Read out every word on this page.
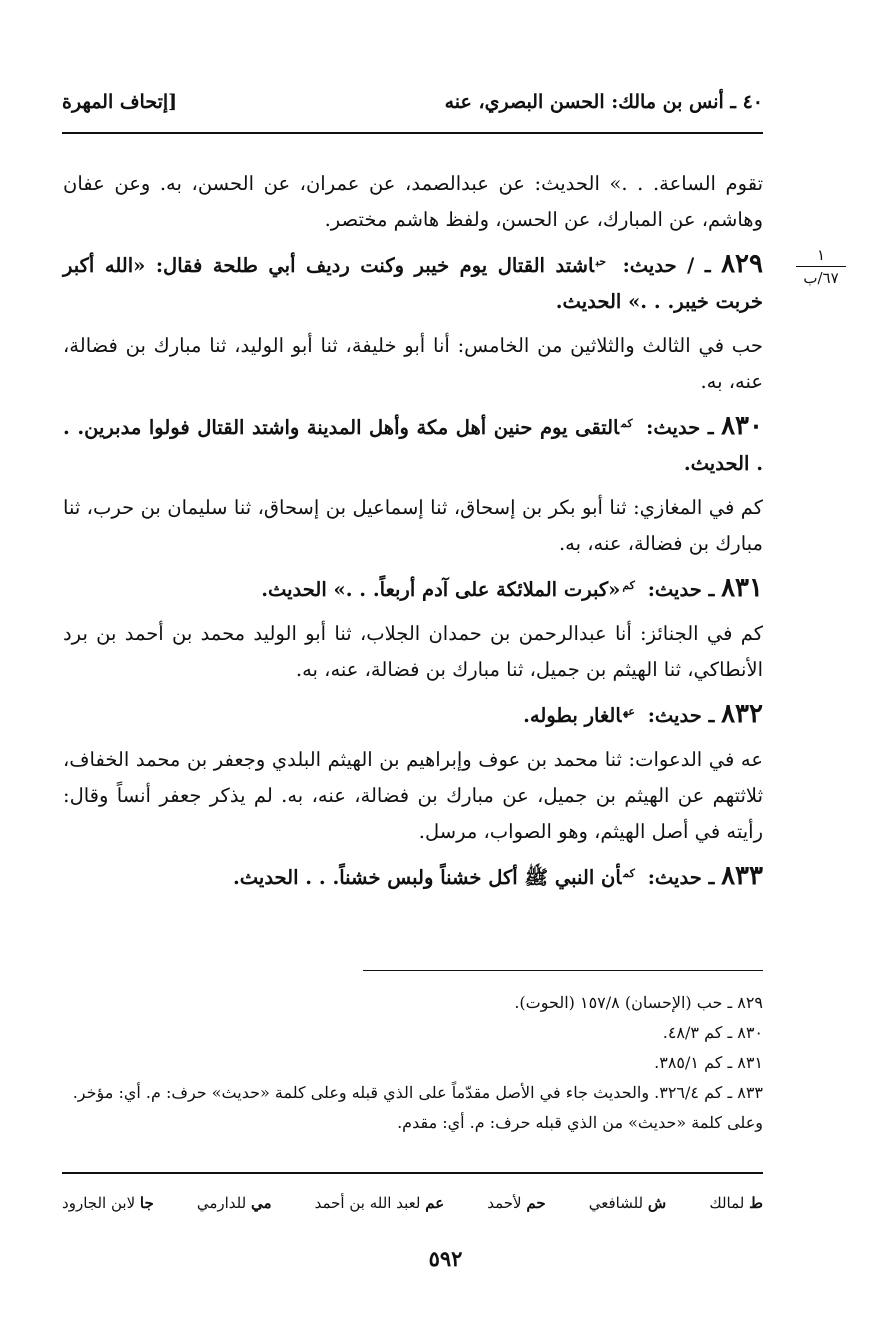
٤٠ ـ أنس بن مالك: الحسن البصري، عنه
[إتحاف المهرة
١
٦٧/ب
تقوم الساعة. . .» الحديث: عن عبدالصمد، عن عمران، عن الحسن، به. وعن عفان وهاشم، عن المبارك، عن الحسن، ولفظ هاشم مختصر.
٨٢٩ ـ / حديث: $^{حب}$اشتد القتال يوم خيبر وكنت رديف أبي طلحة فقال: «الله أكبر خربت خيبر. . .» الحديث.
حب في الثالث والثلاثين من الخامس: أنا أبو خليفة، ثنا أبو الوليد، ثنا مبارك بن فضالة، عنه، به.
٨٣٠ ـ حديث: $^{كم}$التقى يوم حنين أهل مكة وأهل المدينة واشتد القتال فولوا مدبرين. . . الحديث.
كم في المغازي: ثنا أبو بكر بن إسحاق، ثنا إسماعيل بن إسحاق، ثنا سليمان بن حرب، ثنا مبارك بن فضالة، عنه، به.
٨٣١ ـ حديث: $^{كم}$«كبرت الملائكة على آدم أربعاً. . .» الحديث.
كم في الجنائز: أنا عبدالرحمن بن حمدان الجلاب، ثنا أبو الوليد محمد بن أحمد بن برد الأنطاكي، ثنا الهيثم بن جميل، ثنا مبارك بن فضالة، عنه، به.
٨٣٢ ـ حديث: $^{عه}$الغار بطوله.
عه في الدعوات: ثنا محمد بن عوف وإبراهيم بن الهيثم البلدي وجعفر بن محمد الخفاف، ثلاثتهم عن الهيثم بن جميل، عن مبارك بن فضالة، عنه، به. لم يذكر جعفر أنساً وقال: رأيته في أصل الهيثم، وهو الصواب، مرسل.
٨٣٣ ـ حديث: $^{كم}$أن النبي ﷺ أكل خشناً ولبس خشناً. . . الحديث.
٨٢٩ ـ حب (الإحسان) ١٥٧/٨ (الحوت).
٨٣٠ ـ كم ٤٨/٣.
٨٣١ ـ كم ٣٨٥/١.
٨٣٣ ـ كم ٣٢٦/٤. والحديث جاء في الأصل مقدّماً على الذي قبله وعلى كلمة «حديث» حرف: م. أي: مؤخر. وعلى كلمة «حديث» من الذي قبله حرف: م. أي: مقدم.
ط لمالك
ش للشافعي
حم لأحمد
عم لعبد الله بن أحمد
مي للدارمي
جا لابن الجارود
٥٩٢
